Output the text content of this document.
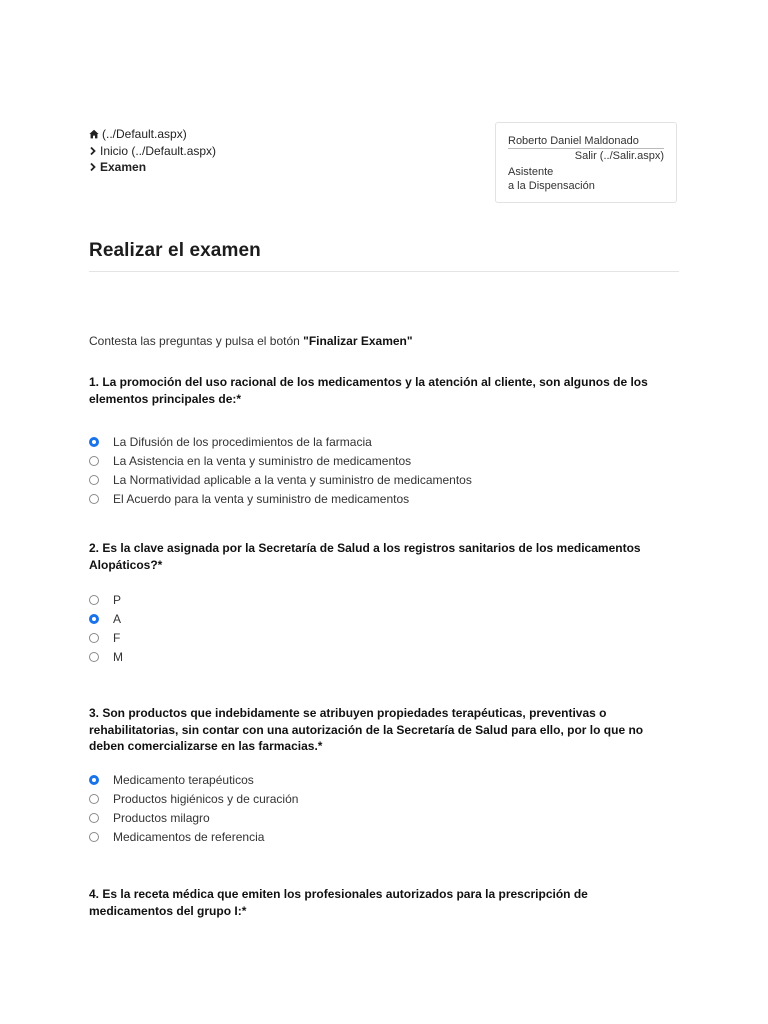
(../Default.aspx)
Inicio (../Default.aspx)
Examen
Roberto Daniel Maldonado
Salir (../Salir.aspx)
Asistente
a la Dispensación
Realizar el examen
Contesta las preguntas y pulsa el botón "Finalizar Examen"

1. La promoción del uso racional de los medicamentos y la atención al cliente, son algunos de los elementos principales de:*

La Difusión de los procedimientos de la farmacia
La Asistencia en la venta y suministro de medicamentos
La Normatividad aplicable a la venta y suministro de medicamentos
El Acuerdo para la venta y suministro de medicamentos

2. Es la clave asignada por la Secretaría de Salud a los registros sanitarios de los medicamentos Alopáticos?*

P
A
F
M

3. Son productos que indebidamente se atribuyen propiedades terapéuticas, preventivas o rehabilitatorias, sin contar con una autorización de la Secretaría de Salud para ello, por lo que no deben comercializarse en las farmacias.*

Medicamento terapéuticos
Productos higiénicos y de curación
Productos milagro
Medicamentos de referencia

4. Es la receta médica que emiten los profesionales autorizados para la prescripción de medicamentos del grupo I:*
